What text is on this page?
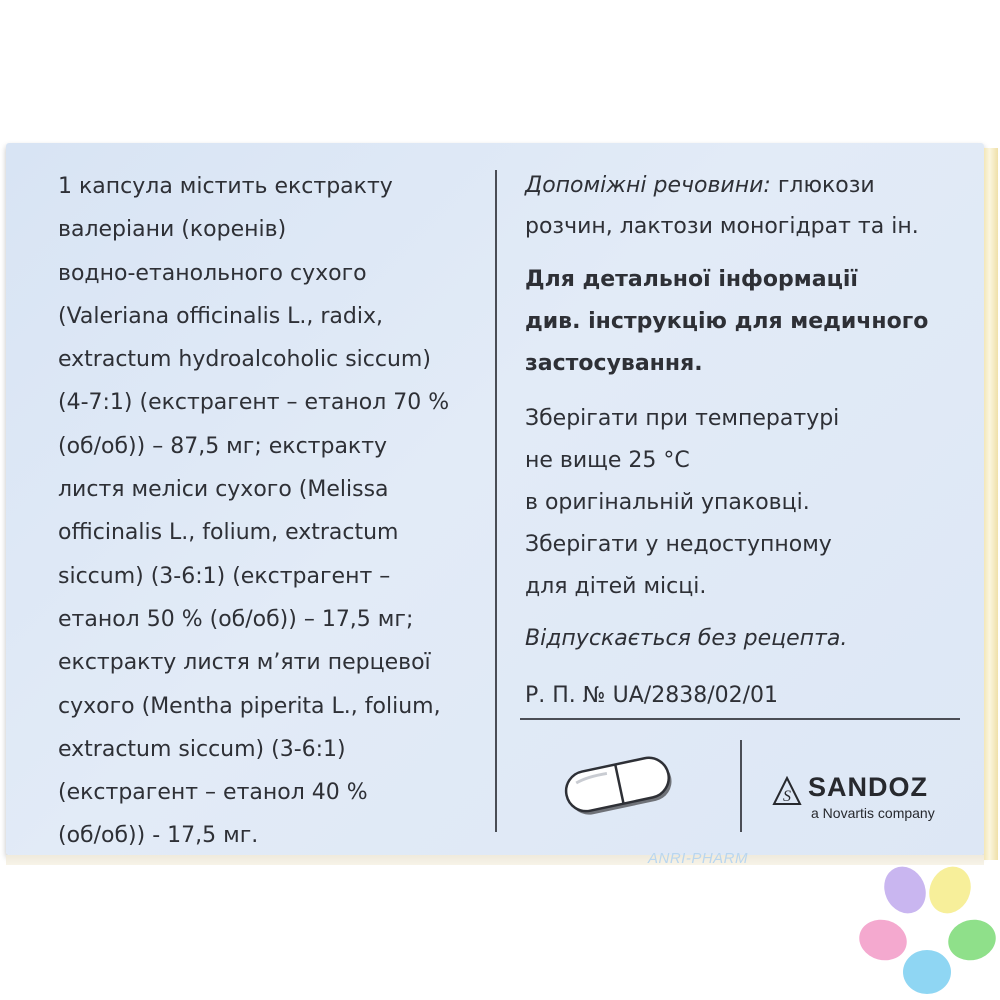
1 капсула містить екстракту

валеріани (коренів)

водно-етанольного сухого

(Valeriana officinalis L., radix,

extractum hydroalcoholic siccum)

(4-7:1) (екстрагент – етанол 70 %

(об/об)) – 87,5 мг; екстракту

листя меліси сухого (Melissa

officinalis L., folium, extractum

siccum) (3-6:1) (екстрагент –

етанол 50 % (об/об)) – 17,5 мг;

екстракту листя м’яти перцевої

сухого (Mentha piperita L., folium,

extractum siccum) (3-6:1)

(екстрагент – етанол 40 %

(об/об)) - 17,5 мг.

Допоміжні речовини: глюкози

розчин, лактози моногідрат та ін.

Для детальної інформації
див. інструкцію для медичного
застосування.
Зберігати при температурі
не вище 25 °С
в оригінальній упаковці.
Зберігати у недоступному
для дітей місці.
Відпускається без рецепта.
Р. П. № UA/2838/02/01
S SANDOZ
a Novartis company
ANRI-PHARM
